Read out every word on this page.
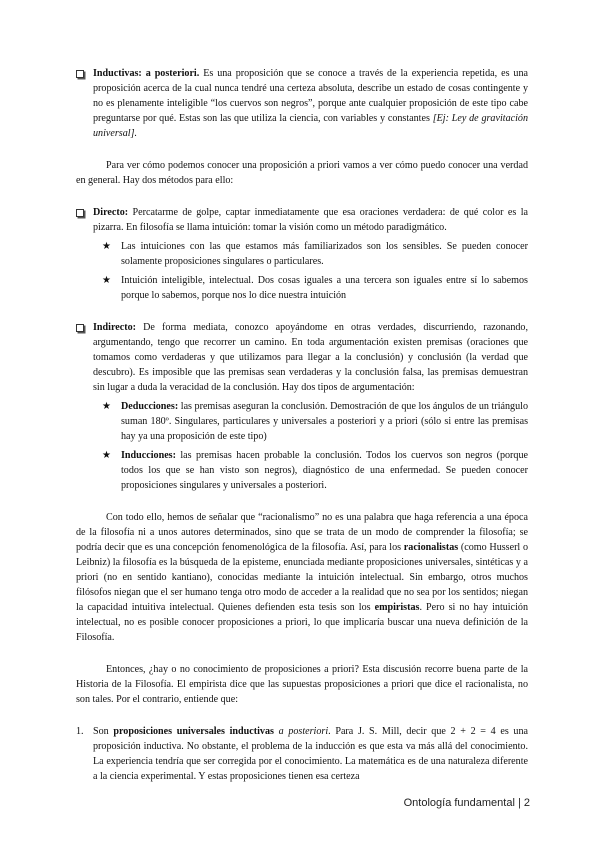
Inductivas: a posteriori. Es una proposición que se conoce a través de la experiencia repetida, es una proposición acerca de la cual nunca tendré una certeza absoluta, describe un estado de cosas contingente y no es plenamente inteligible “los cuervos son negros”, porque ante cualquier proposición de este tipo cabe preguntarse por qué. Estas son las que utiliza la ciencia, con variables y constantes [Ej: Ley de gravitación universal].

Para ver cómo podemos conocer una proposición a priori vamos a ver cómo puedo conocer una verdad en general. Hay dos métodos para ello:

Directo: Percatarme de golpe, captar inmediatamente que esa oraciones verdadera: de qué color es la pizarra. En filosofía se llama intuición: tomar la visión como un método paradigmático.

★ Las intuiciones con las que estamos más familiarizados son los sensibles. Se pueden conocer solamente proposiciones singulares o particulares.

★ Intuición inteligible, intelectual. Dos cosas iguales a una tercera son iguales entre sí lo sabemos porque lo sabemos, porque nos lo dice nuestra intuición

Indirecto: De forma mediata, conozco apoyándome en otras verdades, discurriendo, razonando, argumentando, tengo que recorrer un camino. En toda argumentación existen premisas (oraciones que tomamos como verdaderas y que utilizamos para llegar a la conclusión) y conclusión (la verdad que descubro). Es imposible que las premisas sean verdaderas y la conclusión falsa, las premisas demuestran sin lugar a duda la veracidad de la conclusión. Hay dos tipos de argumentación:

★ Deducciones: las premisas aseguran la conclusión. Demostración de que los ángulos de un triángulo suman 180º. Singulares, particulares y universales a posteriori y a priori (sólo si entre las premisas hay ya una proposición de este tipo)

★ Inducciones: las premisas hacen probable la conclusión. Todos los cuervos son negros (porque todos los que se han visto son negros), diagnóstico de una enfermedad. Se pueden conocer proposiciones singulares y universales a posteriori.

Con todo ello, hemos de señalar que “racionalismo” no es una palabra que haga referencia a una época de la filosofía ni a unos autores determinados, sino que se trata de un modo de comprender la filosofía; se podría decir que es una concepción fenomenológica de la filosofía. Así, para los racionalistas (como Husserl o Leibniz) la filosofía es la búsqueda de la episteme, enunciada mediante proposiciones universales, sintéticas y a priori (no en sentido kantiano), conocidas mediante la intuición intelectual. Sin embargo, otros muchos filósofos niegan que el ser humano tenga otro modo de acceder a la realidad que no sea por los sentidos; niegan la capacidad intuitiva intelectual. Quienes defienden esta tesis son los empiristas. Pero si no hay intuición intelectual, no es posible conocer proposiciones a priori, lo que implicaría buscar una nueva definición de la Filosofía.

Entonces, ¿hay o no conocimiento de proposiciones a priori? Esta discusión recorre buena parte de la Historia de la Filosofía. El empirista dice que las supuestas proposiciones a priori que dice el racionalista, no son tales. Por el contrario, entiende que:

1. Son proposiciones universales inductivas a posteriori. Para J. S. Mill, decir que 2 + 2 = 4 es una proposición inductiva. No obstante, el problema de la inducción es que esta va más allá del conocimiento. La experiencia tendría que ser corregida por el conocimiento. La matemática es de una naturaleza diferente a la ciencia experimental. Y estas proposiciones tienen esa certeza

Ontología fundamental | 2
